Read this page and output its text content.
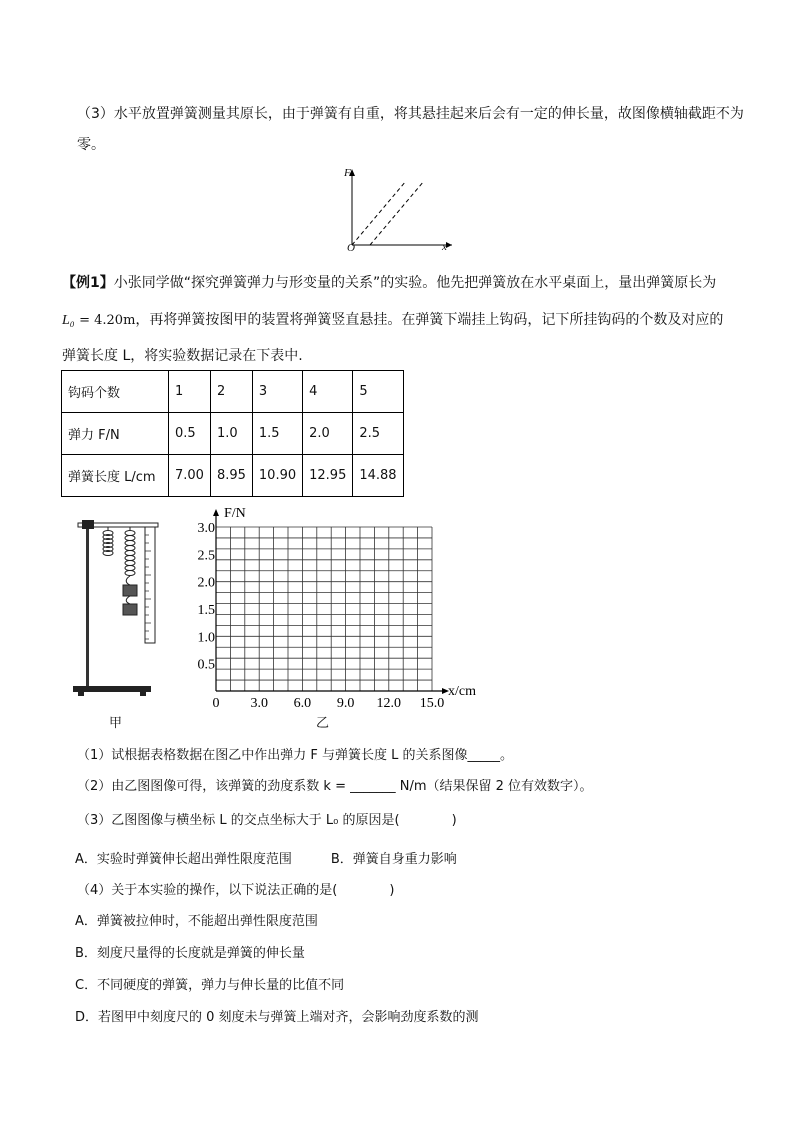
（3）水平放置弹簧测量其原长，由于弹簧有自重，将其悬挂起来后会有一定的伸长量，故图像横轴截距不为
零。
F
x
O
【例1】小张同学做“探究弹簧弹力与形变量的关系”的实验。他先把弹簧放在水平桌面上，量出弹簧原长为
L₀ = 4.20m，再将弹簧按图甲的装置将弹簧竖直悬挂。在弹簧下端挂上钩码，记下所挂钩码的个数及对应的
弹簧长度 L，将实验数据记录在下表中.
钩码个数	1	2	3	4	5
弹力 F/N	0.5	1.0	1.5	2.0	2.5
弹簧长度 L/cm	7.00	8.95	10.90	12.95	14.88
甲
0 3.0 6.0 9.0 12.0 15.0
0.5
1.0
1.5
2.0
2.5
3.0
x/cm
F/N
乙
（1）试根据表格数据在图乙中作出弹力 F 与弹簧长度 L 的关系图像_____。
（2）由乙图图像可得，该弹簧的劲度系数 k = _______ N/m（结果保留 2 位有效数字）。
（3）乙图图像与横坐标 L 的交点坐标大于 L₀ 的原因是(　　　　)
A．实验时弹簧伸长超出弹性限度范围　　　B．弹簧自身重力影响
（4）关于本实验的操作，以下说法正确的是(　　　　)
A．弹簧被拉伸时，不能超出弹性限度范围
B．刻度尺量得的长度就是弹簧的伸长量
C．不同硬度的弹簧，弹力与伸长量的比值不同
D．若图甲中刻度尺的 0 刻度未与弹簧上端对齐，会影响劲度系数的测
